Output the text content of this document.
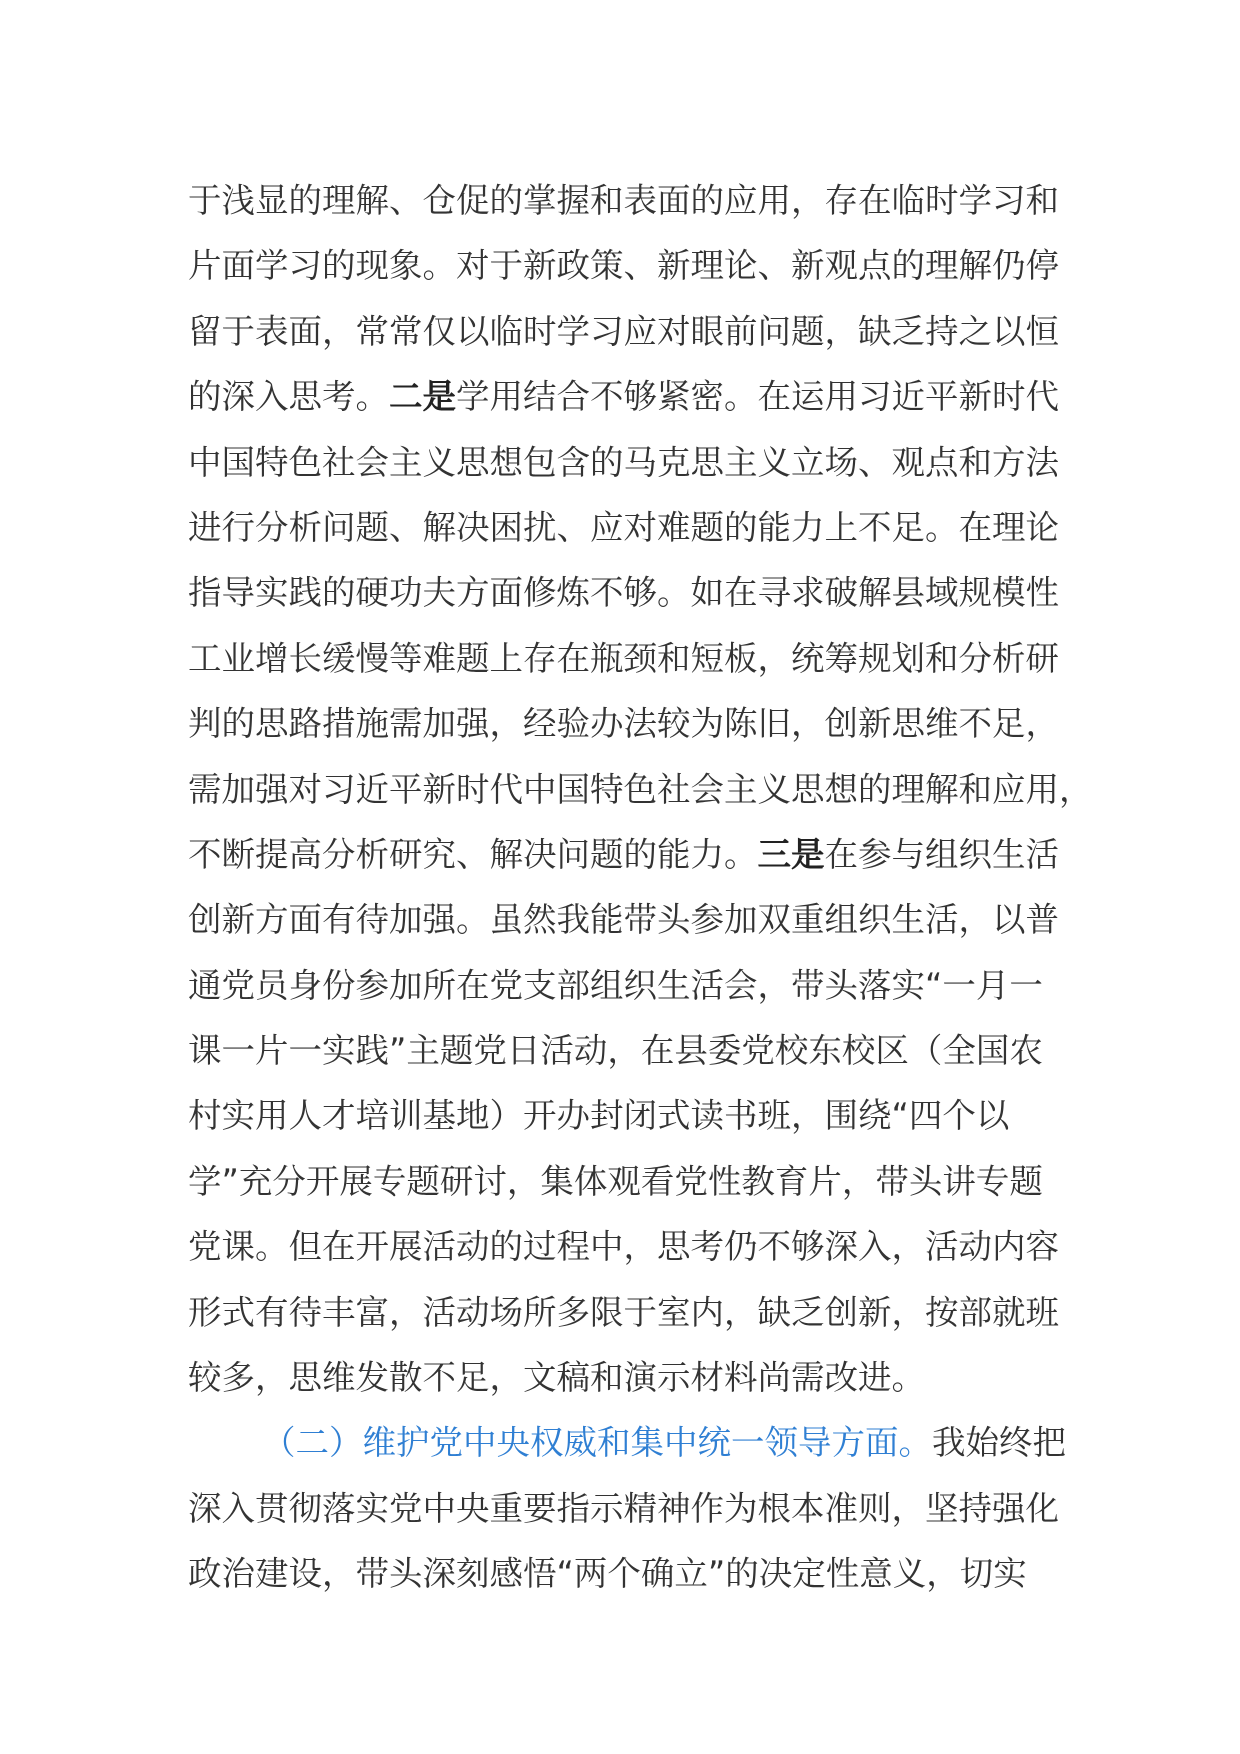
于浅显的理解、仓促的掌握和表面的应用，存在临时学习和
片面学习的现象。对于新政策、新理论、新观点的理解仍停
留于表面，常常仅以临时学习应对眼前问题，缺乏持之以恒
的深入思考。二是学用结合不够紧密。在运用习近平新时代
中国特色社会主义思想包含的马克思主义立场、观点和方法
进行分析问题、解决困扰、应对难题的能力上不足。在理论
指导实践的硬功夫方面修炼不够。如在寻求破解县域规模性
工业增长缓慢等难题上存在瓶颈和短板，统筹规划和分析研
判的思路措施需加强，经验办法较为陈旧，创新思维不足，
需加强对习近平新时代中国特色社会主义思想的理解和应用，
不断提高分析研究、解决问题的能力。三是在参与组织生活
创新方面有待加强。虽然我能带头参加双重组织生活，以普
通党员身份参加所在党支部组织生活会，带头落实“一月一
课一片一实践”主题党日活动，在县委党校东校区（全国农
村实用人才培训基地）开办封闭式读书班，围绕“四个以
学”充分开展专题研讨，集体观看党性教育片，带头讲专题
党课。但在开展活动的过程中，思考仍不够深入，活动内容
形式有待丰富，活动场所多限于室内，缺乏创新，按部就班
较多，思维发散不足，文稿和演示材料尚需改进。
（二）维护党中央权威和集中统一领导方面。我始终把
深入贯彻落实党中央重要指示精神作为根本准则，坚持强化
政治建设，带头深刻感悟“两个确立”的决定性意义，切实
